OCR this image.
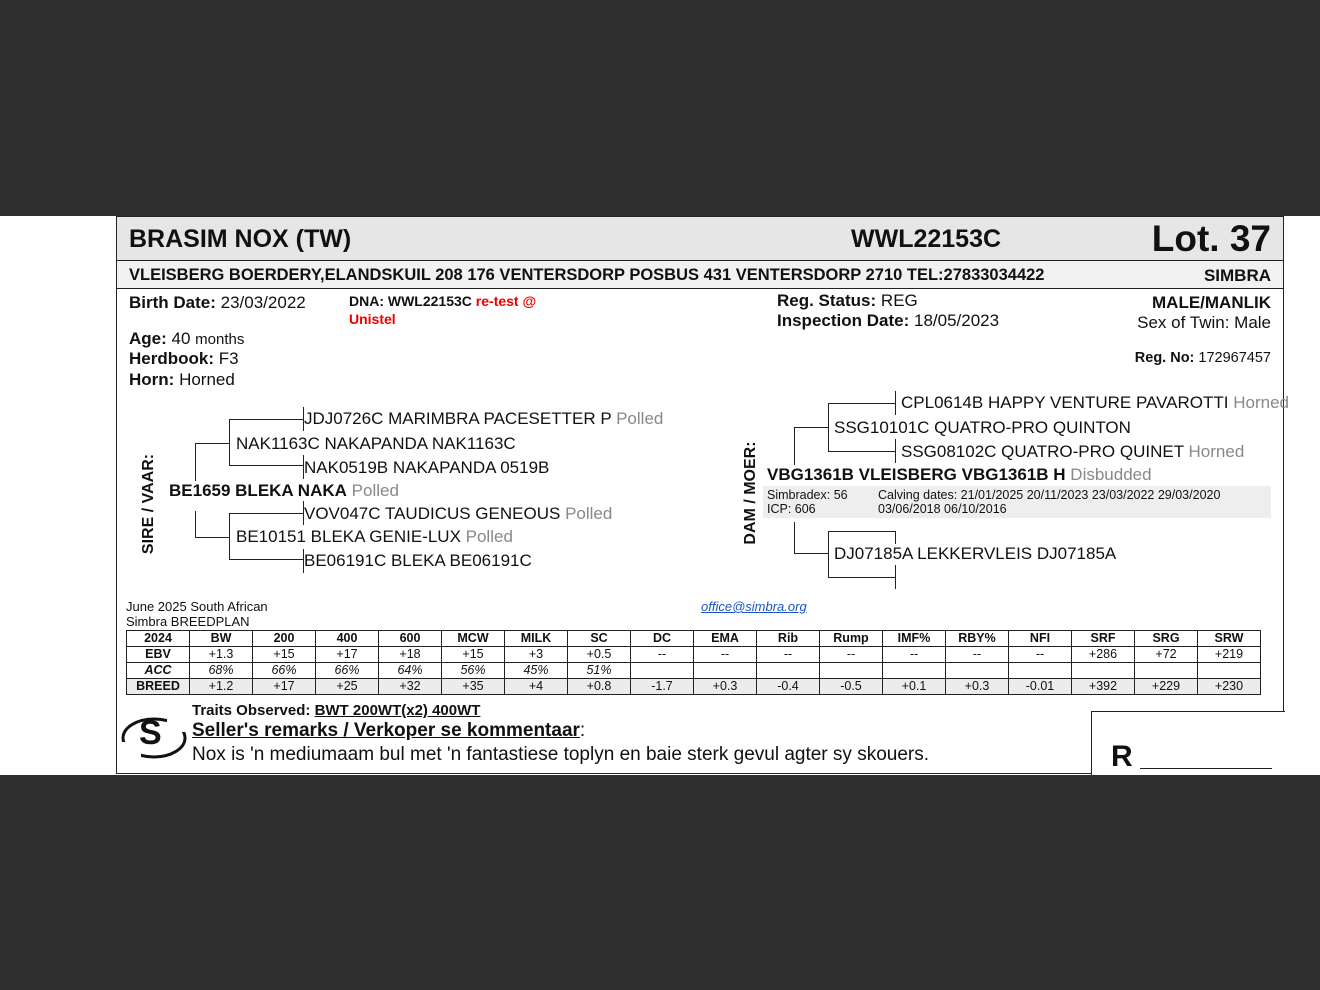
BRASIM NOX (TW)	WWL22153C	Lot. 37
VLEISBERG BOERDERY,ELANDSKUIL 208 176 VENTERSDORP POSBUS 431 VENTERSDORP 2710 TEL:27833034422	SIMBRA
Birth Date: 23/03/2022	DNA: WWL22153C re-test @
Unistel
Age: 40 months
Herdbook: F3
Horn: Horned
Reg. Status: REG
Inspection Date: 18/05/2023
MALE/MANLIK
Sex of Twin: Male
Reg. No: 172967457
SIRE / VAAR:
JDJ0726C MARIMBRA PACESETTER P Polled
NAK1163C NAKAPANDA NAK1163C
NAK0519B NAKAPANDA 0519B
BE1659 BLEKA NAKA Polled
VOV047C TAUDICUS GENEOUS Polled
BE10151 BLEKA GENIE-LUX Polled
BE06191C BLEKA BE06191C
DAM / MOER:
CPL0614B HAPPY VENTURE PAVAROTTI Horned
SSG10101C QUATRO-PRO QUINTON
SSG08102C QUATRO-PRO QUINET Horned
VBG1361B VLEISBERG VBG1361B H Disbudded
Simbradex: 56
ICP: 606
Calving dates: 21/01/2025 20/11/2023 23/03/2022 29/03/2020
03/06/2018 06/10/2016
DJ07185A LEKKERVLEIS DJ07185A
June 2025 South African
Simbra BREEDPLAN
office@simbra.org
2024	BW	200	400	600	MCW	MILK	SC	DC	EMA	Rib	Rump	IMF%	RBY%	NFI	SRF	SRG	SRW
EBV	+1.3	+15	+17	+18	+15	+3	+0.5	--	--	--	--	--	--	--	+286	+72	+219
ACC	68%	66%	66%	64%	56%	45%	51%										
BREED	+1.2	+17	+25	+32	+35	+4	+0.8	-1.7	+0.3	-0.4	-0.5	+0.1	+0.3	-0.01	+392	+229	+230
S
Traits Observed: BWT 200WT(x2) 400WT
Seller's remarks / Verkoper se kommentaar:
Nox is 'n mediumaam bul met 'n fantastiese toplyn en baie sterk gevul agter sy skouers.	R
